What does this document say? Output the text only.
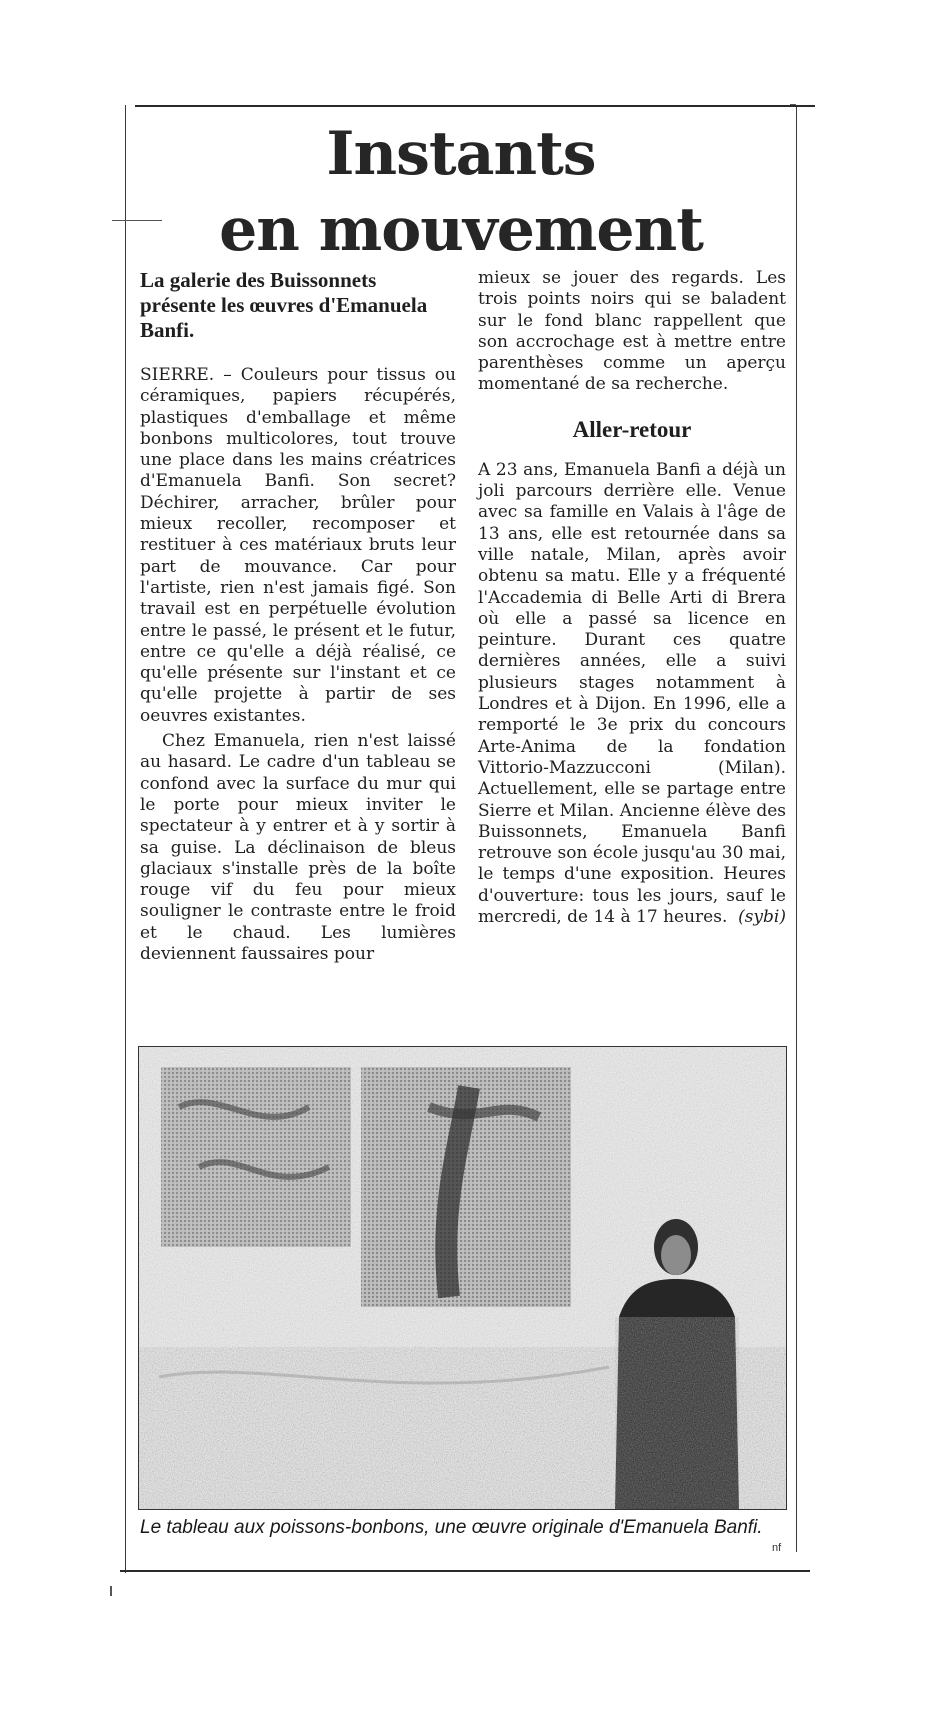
Instants
en mouvement

La galerie des Buissonnets présente les œuvres d'Emanuela Banfi.

SIERRE. – Couleurs pour tissus ou céramiques, papiers récupérés, plastiques d'emballage et même bonbons multicolores, tout trouve une place dans les mains créatrices d'Emanuela Banfi. Son secret? Déchirer, arracher, brûler pour mieux recoller, recomposer et restituer à ces matériaux bruts leur part de mouvance. Car pour l'artiste, rien n'est jamais figé. Son travail est en perpétuelle évolution entre le passé, le présent et le futur, entre ce qu'elle a déjà réalisé, ce qu'elle présente sur l'instant et ce qu'elle projette à partir de ses oeuvres existantes.

Chez Emanuela, rien n'est laissé au hasard. Le cadre d'un tableau se confond avec la surface du mur qui le porte pour mieux inviter le spectateur à y entrer et à y sortir à sa guise. La déclinaison de bleus glaciaux s'installe près de la boîte rouge vif du feu pour mieux souligner le contraste entre le froid et le chaud. Les lumières deviennent faussaires pour

mieux se jouer des regards. Les trois points noirs qui se baladent sur le fond blanc rappellent que son accrochage est à mettre entre parenthèses comme un aperçu momentané de sa recherche.

Aller-retour

A 23 ans, Emanuela Banfi a déjà un joli parcours derrière elle. Venue avec sa famille en Valais à l'âge de 13 ans, elle est retournée dans sa ville natale, Milan, après avoir obtenu sa matu. Elle y a fréquenté l'Accademia di Belle Arti di Brera où elle a passé sa licence en peinture. Durant ces quatre dernières années, elle a suivi plusieurs stages notamment à Londres et à Dijon. En 1996, elle a remporté le 3e prix du concours Arte-Anima de la fondation Vittorio-Mazzucconi (Milan). Actuellement, elle se partage entre Sierre et Milan. Ancienne élève des Buissonnets, Emanuela Banfi retrouve son école jusqu'au 30 mai, le temps d'une exposition. Heures d'ouverture: tous les jours, sauf le mercredi, de 14 à 17 heures. (sybi)

Le tableau aux poissons-bonbons, une œuvre originale d'Emanuela Banfi.
nf
